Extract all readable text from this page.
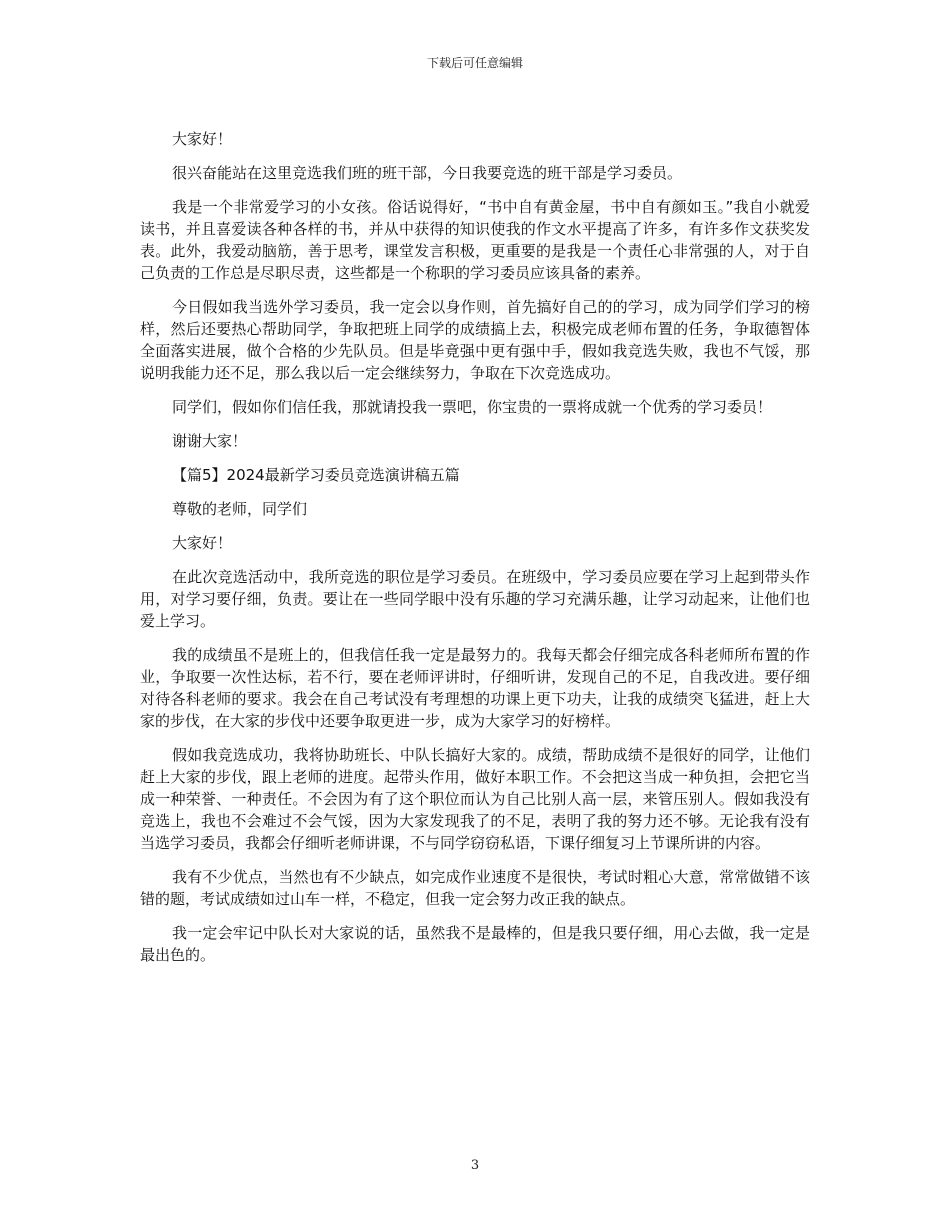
下载后可任意编辑

大家好！

很兴奋能站在这里竞选我们班的班干部，今日我要竞选的班干部是学习委员。

我是一个非常爱学习的小女孩。俗话说得好，“书中自有黄金屋，书中自有颜如玉。”我自小就爱读书，并且喜爱读各种各样的书，并从中获得的知识使我的作文水平提高了许多，有许多作文获奖发表。此外，我爱动脑筋，善于思考，课堂发言积极，更重要的是我是一个责任心非常强的人，对于自己负责的工作总是尽职尽责，这些都是一个称职的学习委员应该具备的素养。

今日假如我当选外学习委员，我一定会以身作则，首先搞好自己的的学习，成为同学们学习的榜样，然后还要热心帮助同学，争取把班上同学的成绩搞上去，积极完成老师布置的任务，争取德智体全面落实进展，做个合格的少先队员。但是毕竟强中更有强中手，假如我竞选失败，我也不气馁，那说明我能力还不足，那么我以后一定会继续努力，争取在下次竞选成功。

同学们，假如你们信任我，那就请投我一票吧，你宝贵的一票将成就一个优秀的学习委员！

谢谢大家！

【篇5】2024最新学习委员竞选演讲稿五篇

尊敬的老师，同学们

大家好！

在此次竞选活动中，我所竞选的职位是学习委员。在班级中，学习委员应要在学习上起到带头作用，对学习要仔细，负责。要让在一些同学眼中没有乐趣的学习充满乐趣，让学习动起来，让他们也爱上学习。

我的成绩虽不是班上的，但我信任我一定是最努力的。我每天都会仔细完成各科老师所布置的作业，争取要一次性达标，若不行，要在老师评讲时，仔细听讲，发现自己的不足，自我改进。要仔细对待各科老师的要求。我会在自己考试没有考理想的功课上更下功夫，让我的成绩突飞猛进，赶上大家的步伐，在大家的步伐中还要争取更进一步，成为大家学习的好榜样。

假如我竞选成功，我将协助班长、中队长搞好大家的。成绩，帮助成绩不是很好的同学，让他们赶上大家的步伐，跟上老师的进度。起带头作用，做好本职工作。不会把这当成一种负担，会把它当成一种荣誉、一种责任。不会因为有了这个职位而认为自己比别人高一层，来管压别人。假如我没有竞选上，我也不会难过不会气馁，因为大家发现我了的不足，表明了我的努力还不够。无论我有没有当选学习委员，我都会仔细听老师讲课，不与同学窃窃私语，下课仔细复习上节课所讲的内容。

我有不少优点，当然也有不少缺点，如完成作业速度不是很快，考试时粗心大意，常常做错不该错的题，考试成绩如过山车一样，不稳定，但我一定会努力改正我的缺点。

我一定会牢记中队长对大家说的话，虽然我不是最棒的，但是我只要仔细，用心去做，我一定是最出色的。

3
